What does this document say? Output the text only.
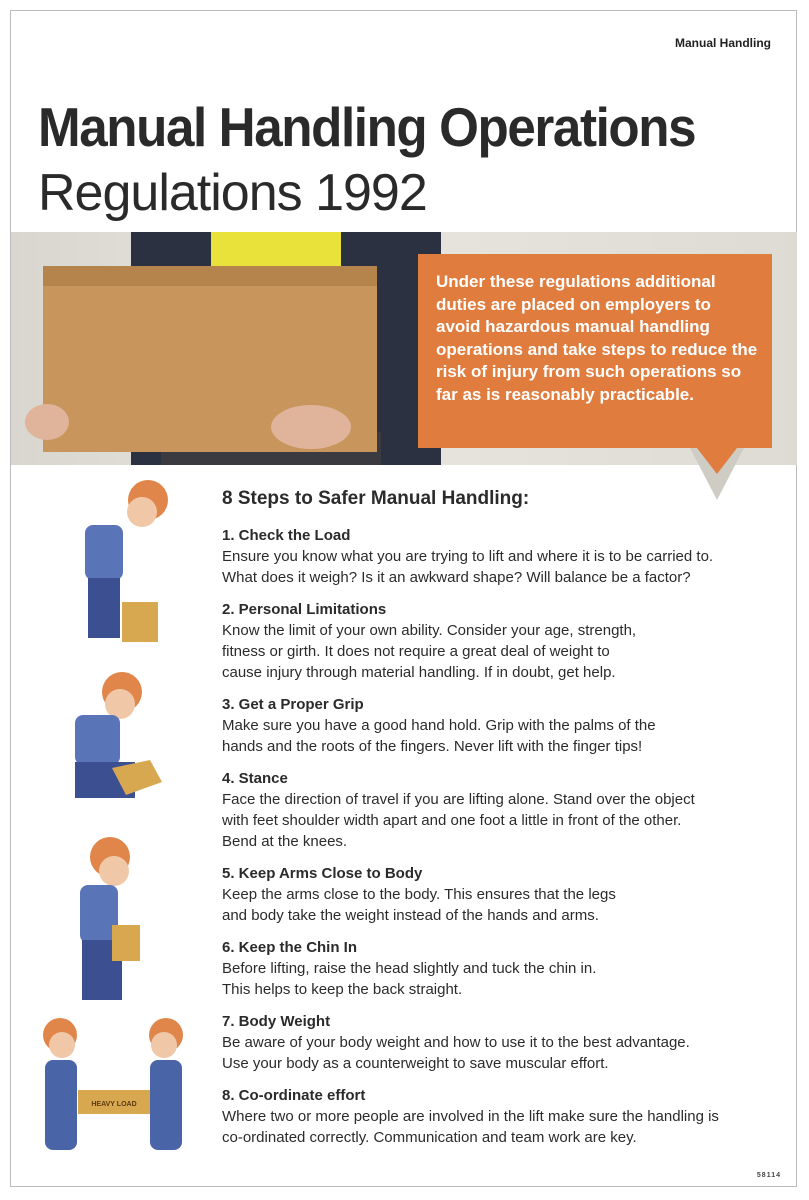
Manual Handling
Manual Handling Operations
Regulations 1992
Under these regulations additional duties are placed on employers to avoid hazardous manual handling operations and take steps to reduce the risk of injury from such operations so far as is reasonably practicable.
HEAVY LOAD
8 Steps to Safer Manual Handling:
1. Check the Load
Ensure you know what you are trying to lift and where it is to be carried to.
What does it weigh? Is it an awkward shape? Will balance be a factor?
2. Personal Limitations
Know the limit of your own ability. Consider your age, strength,
fitness or girth. It does not require a great deal of weight to
cause injury through material handling. If in doubt, get help.
3. Get a Proper Grip
Make sure you have a good hand hold. Grip with the palms of the
hands and the roots of the fingers. Never lift with the finger tips!
4. Stance
Face the direction of travel if you are lifting alone. Stand over the object
with feet shoulder width apart and one foot a little in front of the other.
Bend at the knees.
5. Keep Arms Close to Body
Keep the arms close to the body. This ensures that the legs
and body take the weight instead of the hands and arms.
6. Keep the Chin In
Before lifting, raise the head slightly and tuck the chin in.
This helps to keep the back straight.
7. Body Weight
Be aware of your body weight and how to use it to the best advantage.
Use your body as a counterweight to save muscular effort.
8. Co-ordinate effort
Where two or more people are involved in the lift make sure the handling is
co-ordinated correctly. Communication and team work are key.
58114
